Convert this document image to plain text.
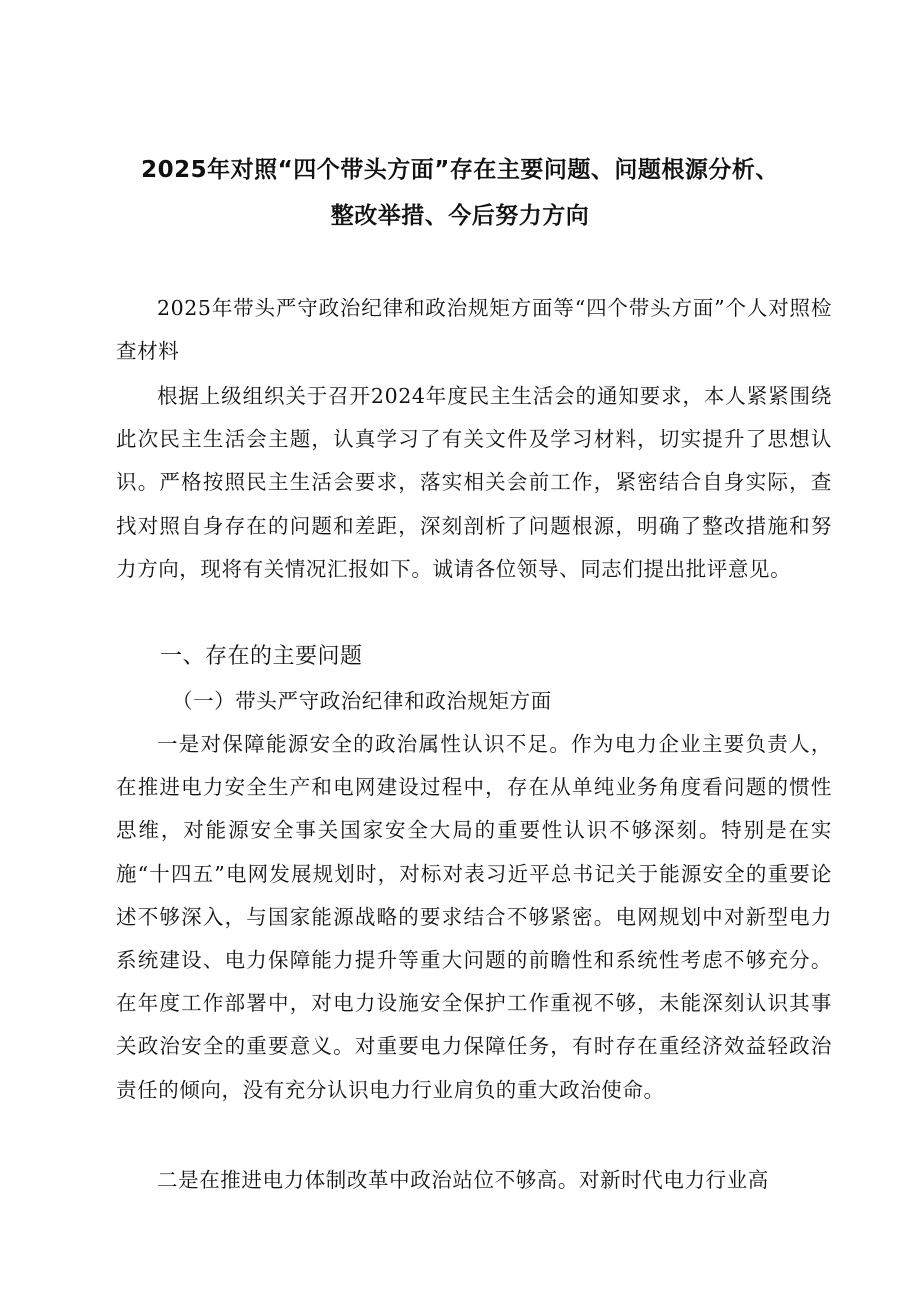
2025年对照“四个带头方面”存在主要问题、问题根源分析、
整改举措、今后努力方向

2025年带头严守政治纪律和政治规矩方面等“四个带头方面”个人对照检查材料

根据上级组织关于召开2024年度民主生活会的通知要求，本人紧紧围绕此次民主生活会主题，认真学习了有关文件及学习材料，切实提升了思想认识。严格按照民主生活会要求，落实相关会前工作，紧密结合自身实际，查找对照自身存在的问题和差距，深刻剖析了问题根源，明确了整改措施和努力方向，现将有关情况汇报如下。诚请各位领导、同志们提出批评意见。

一、存在的主要问题
（一）带头严守政治纪律和政治规矩方面

一是对保障能源安全的政治属性认识不足。作为电力企业主要负责人，在推进电力安全生产和电网建设过程中，存在从单纯业务角度看问题的惯性思维，对能源安全事关国家安全大局的重要性认识不够深刻。特别是在实施“十四五”电网发展规划时，对标对表习近平总书记关于能源安全的重要论述不够深入，与国家能源战略的要求结合不够紧密。电网规划中对新型电力系统建设、电力保障能力提升等重大问题的前瞻性和系统性考虑不够充分。在年度工作部署中，对电力设施安全保护工作重视不够，未能深刻认识其事关政治安全的重要意义。对重要电力保障任务，有时存在重经济效益轻政治责任的倾向，没有充分认识电力行业肩负的重大政治使命。

二是在推进电力体制改革中政治站位不够高。对新时代电力行业高
